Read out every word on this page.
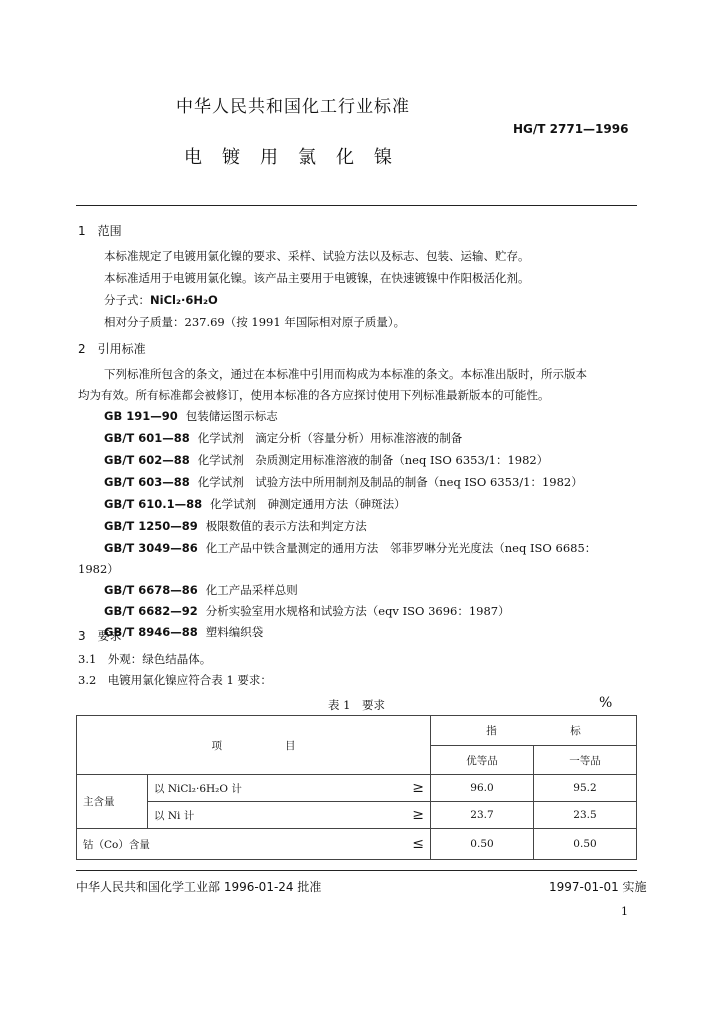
中华人民共和国化工行业标准
HG/T 2771—1996
电镀用氯化镍
1　范围
本标准规定了电镀用氯化镍的要求、采样、试验方法以及标志、包装、运输、贮存。
本标准适用于电镀用氯化镍。该产品主要用于电镀镍，在快速镀镍中作阳极活化剂。
分子式：NiCl₂·6H₂O
相对分子质量：237.69（按 1991 年国际相对原子质量）。
2　引用标准
下列标准所包含的条文，通过在本标准中引用而构成为本标准的条文。本标准出版时，所示版本
均为有效。所有标准都会被修订，使用本标准的各方应探讨使用下列标准最新版本的可能性。
GB 191—90 包装储运图示标志
GB/T 601—88 化学试剂　滴定分析（容量分析）用标准溶液的制备
GB/T 602—88 化学试剂　杂质测定用标准溶液的制备（neq ISO 6353/1：1982）
GB/T 603—88 化学试剂　试验方法中所用制剂及制品的制备（neq ISO 6353/1：1982）
GB/T 610.1—88 化学试剂　砷测定通用方法（砷斑法）
GB/T 1250—89 极限数值的表示方法和判定方法
GB/T 3049—86 化工产品中铁含量测定的通用方法　邻菲罗啉分光光度法（neq ISO 6685：
1982）
GB/T 6678—86 化工产品采样总则
GB/T 6682—92 分析实验室用水规格和试验方法（eqv ISO 3696：1987）
GB/T 8946—88 塑料编织袋
3　要求
3.1　外观：绿色结晶体。
3.2　电镀用氯化镍应符合表 1 要求：
表 1　要求	%
项　　　　　　目			指　　　　　　　标	
			优等品	一等品
主含量	以 NiCl₂·6H₂O 计	≥	96.0	95.2
	以 Ni 计	≥	23.7	23.5
钴（Co）含量		≤	0.50	0.50
中华人民共和国化学工业部 1996-01-24 批准	1997-01-01 实施
1
